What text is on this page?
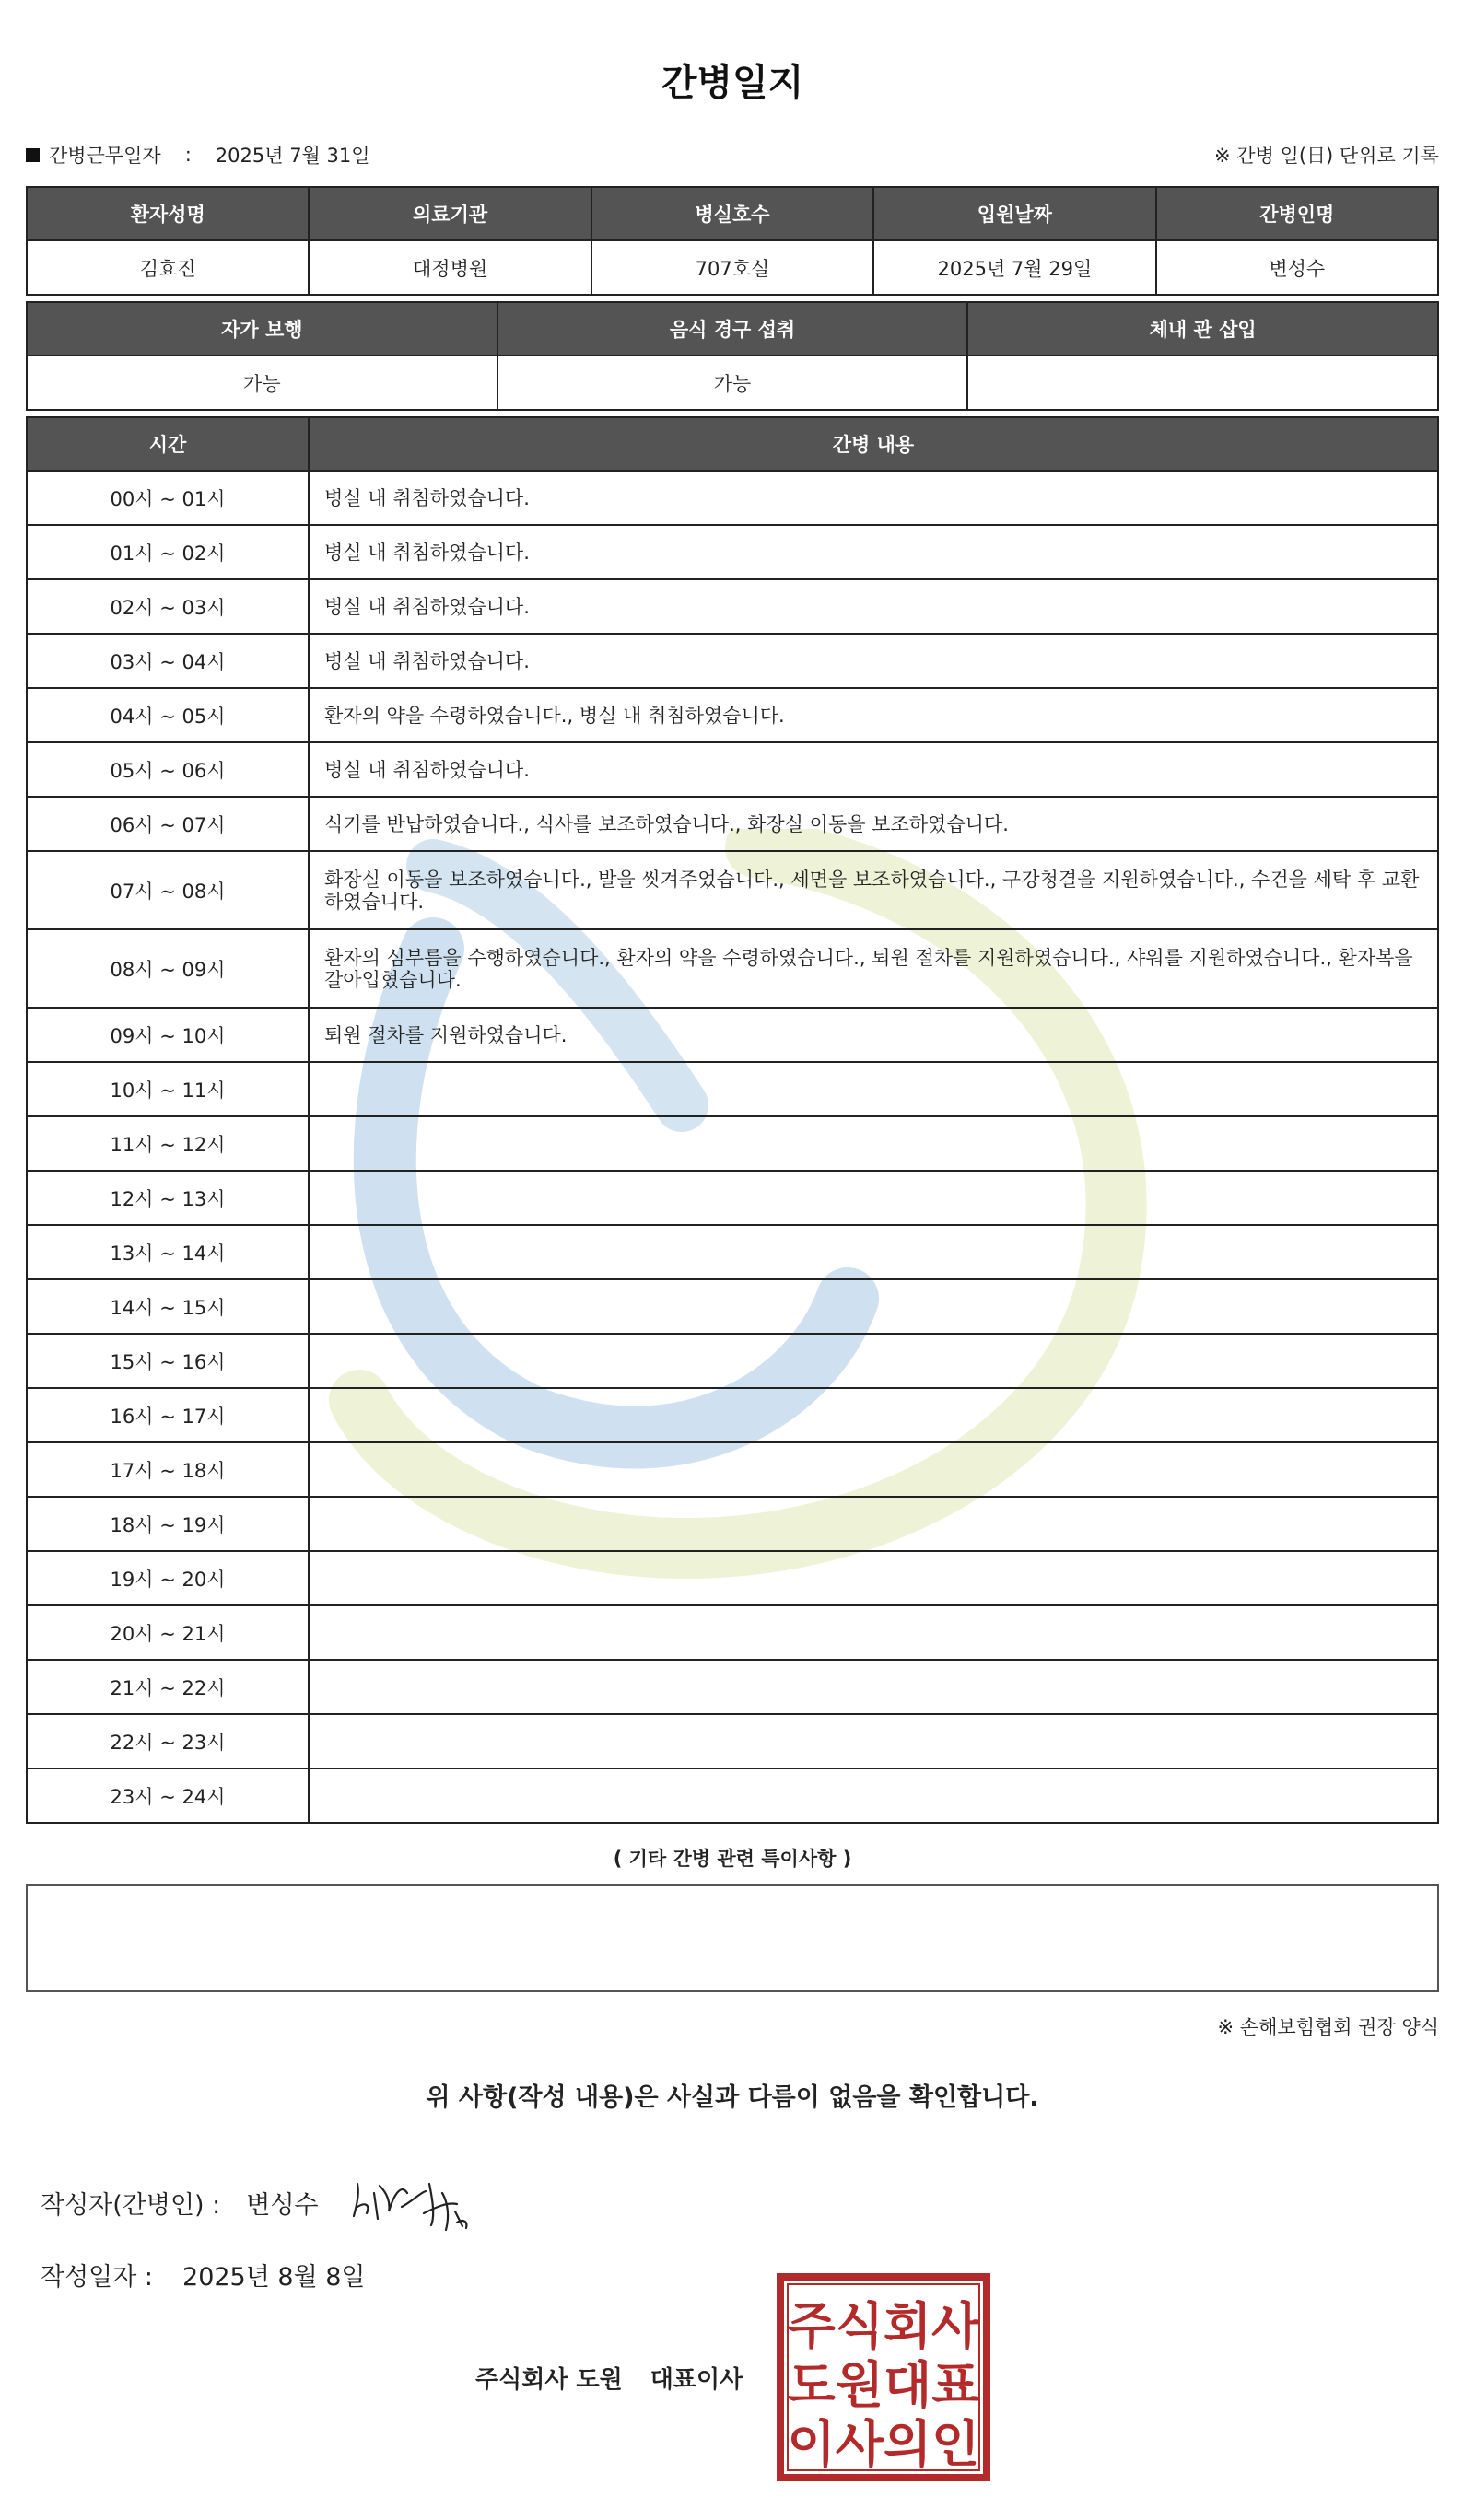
간병일지
간병근무일자 : 2025년 7월 31일	※ 간병 일(日) 단위로 기록
환자성명	의료기관	병실호수	입원날짜	간병인명
김효진	대정병원	707호실	2025년 7월 29일	변성수
자가 보행	음식 경구 섭취	체내 관 삽입
가능	가능	
시간	간병 내용
00시 ~ 01시	병실 내 취침하였습니다.
01시 ~ 02시	병실 내 취침하였습니다.
02시 ~ 03시	병실 내 취침하였습니다.
03시 ~ 04시	병실 내 취침하였습니다.
04시 ~ 05시	환자의 약을 수령하였습니다., 병실 내 취침하였습니다.
05시 ~ 06시	병실 내 취침하였습니다.
06시 ~ 07시	식기를 반납하였습니다., 식사를 보조하였습니다., 화장실 이동을 보조하였습니다.
07시 ~ 08시	화장실 이동을 보조하였습니다., 발을 씻겨주었습니다., 세면을 보조하였습니다., 구강청결을 지원하였습니다., 수건을 세탁 후 교환하였습니다.
08시 ~ 09시	환자의 심부름을 수행하였습니다., 환자의 약을 수령하였습니다., 퇴원 절차를 지원하였습니다., 샤워를 지원하였습니다., 환자복을 갈아입혔습니다.
09시 ~ 10시	퇴원 절차를 지원하였습니다.
10시 ~ 11시	
11시 ~ 12시	
12시 ~ 13시	
13시 ~ 14시	
14시 ~ 15시	
15시 ~ 16시	
16시 ~ 17시	
17시 ~ 18시	
18시 ~ 19시	
19시 ~ 20시	
20시 ~ 21시	
21시 ~ 22시	
22시 ~ 23시	
23시 ~ 24시	
( 기타 간병 관련 특이사항 )
※ 손해보험협회 권장 양식
위 사항(작성 내용)은 사실과 다름이 없음을 확인합니다.
작성자(간병인) : 변성수
작성일자 : 2025년 8월 8일
주식회사 도원 대표이사
주식회사
도원대표
이사의인
